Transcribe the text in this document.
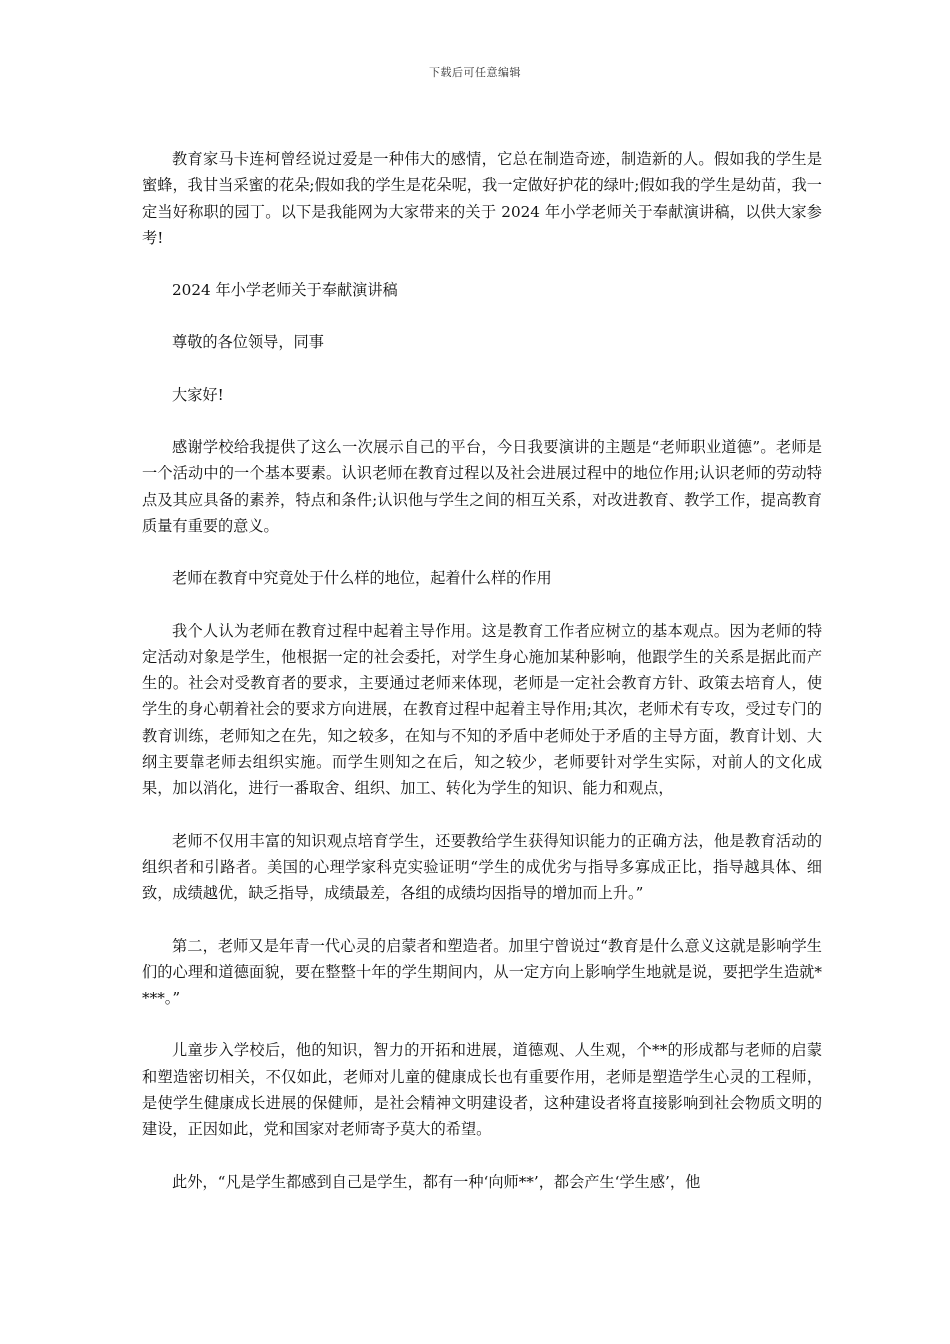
下载后可任意编辑

教育家马卡连柯曾经说过爱是一种伟大的感情，它总在制造奇迹，制造新的人。假如我的学生是蜜蜂，我甘当采蜜的花朵;假如我的学生是花朵呢，我一定做好护花的绿叶;假如我的学生是幼苗，我一定当好称职的园丁。以下是我能网为大家带来的关于 2024 年小学老师关于奉献演讲稿，以供大家参考!

2024 年小学老师关于奉献演讲稿

尊敬的各位领导，同事

大家好!

感谢学校给我提供了这么一次展示自己的平台，今日我要演讲的主题是“老师职业道德”。老师是一个活动中的一个基本要素。认识老师在教育过程以及社会进展过程中的地位作用;认识老师的劳动特点及其应具备的素养，特点和条件;认识他与学生之间的相互关系，对改进教育、教学工作，提高教育质量有重要的意义。

老师在教育中究竟处于什么样的地位，起着什么样的作用

我个人认为老师在教育过程中起着主导作用。这是教育工作者应树立的基本观点。因为老师的特定活动对象是学生，他根据一定的社会委托，对学生身心施加某种影响，他跟学生的关系是据此而产生的。社会对受教育者的要求，主要通过老师来体现，老师是一定社会教育方针、政策去培育人，使学生的身心朝着社会的要求方向进展，在教育过程中起着主导作用;其次，老师术有专攻，受过专门的教育训练，老师知之在先，知之较多，在知与不知的矛盾中老师处于矛盾的主导方面，教育计划、大纲主要靠老师去组织实施。而学生则知之在后，知之较少，老师要针对学生实际，对前人的文化成果，加以消化，进行一番取舍、组织、加工、转化为学生的知识、能力和观点，

老师不仅用丰富的知识观点培育学生，还要教给学生获得知识能力的正确方法，他是教育活动的组织者和引路者。美国的心理学家科克实验证明“学生的成优劣与指导多寡成正比，指导越具体、细致，成绩越优，缺乏指导，成绩最差，各组的成绩均因指导的增加而上升。”

第二，老师又是年青一代心灵的启蒙者和塑造者。加里宁曾说过“教育是什么意义这就是影响学生们的心理和道德面貌，要在整整十年的学生期间内，从一定方向上影响学生地就是说，要把学生造就****。”

儿童步入学校后，他的知识，智力的开拓和进展，道德观、人生观，个**的形成都与老师的启蒙和塑造密切相关，不仅如此，老师对儿童的健康成长也有重要作用，老师是塑造学生心灵的工程师，是使学生健康成长进展的保健师，是社会精神文明建设者，这种建设者将直接影响到社会物质文明的建设，正因如此，党和国家对老师寄予莫大的希望。

此外，“凡是学生都感到自己是学生，都有一种‘向师**’，都会产生‘学生感’，他
